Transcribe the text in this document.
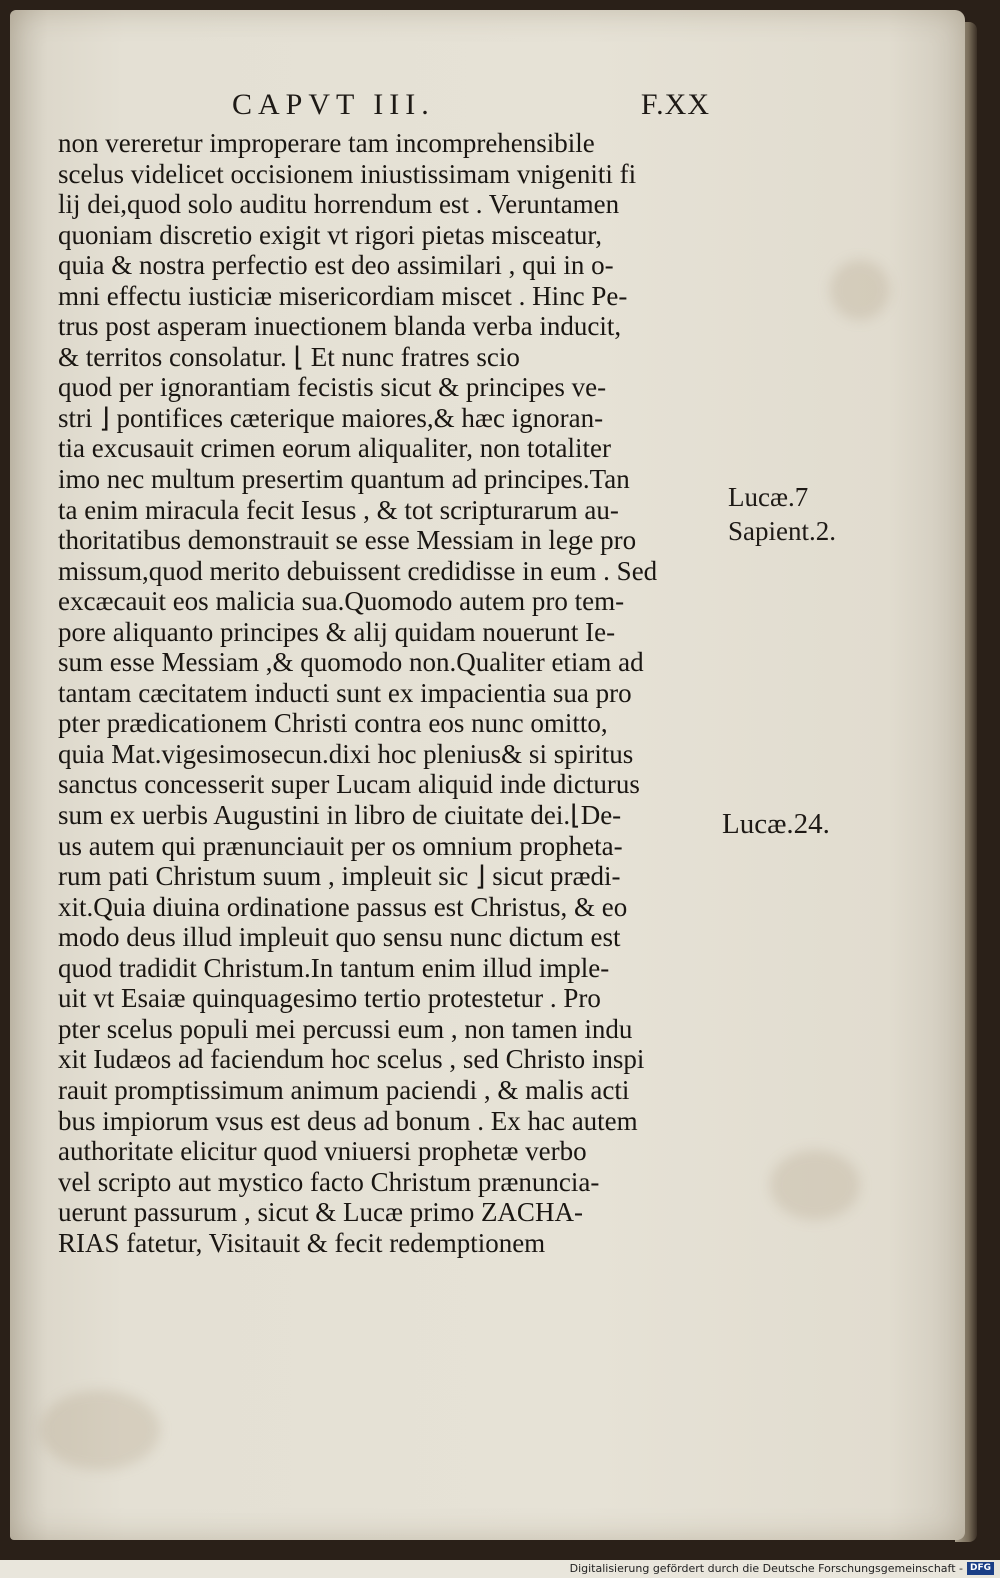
CAPVT III.	F.XX
non vereretur improperare tam incomprehensibile
scelus videlicet occisionem iniustissimam vnigeniti fi
lij dei,quod solo auditu horrendum est . Veruntamen
quoniam discretio exigit vt rigori pietas misceatur,
quia & nostra perfectio est deo assimilari , qui in o-
mni effectu iusticiæ misericordiam miscet . Hinc Pe-
trus post asperam inuectionem blanda verba inducit,
& territos consolatur. ⌊ Et nunc fratres scio
quod per ignorantiam fecistis sicut & principes ve-
stri ⌋ pontifices cæterique maiores,& hæc ignoran-
tia excusauit crimen eorum aliqualiter, non totaliter
imo nec multum presertim quantum ad principes.Tan
ta enim miracula fecit Iesus , & tot scripturarum au-
thoritatibus demonstrauit se esse Messiam in lege pro
missum,quod merito debuissent credidisse in eum . Sed
excæcauit eos malicia sua.Quomodo autem pro tem-
pore aliquanto principes & alij quidam nouerunt Ie-
sum esse Messiam ,& quomodo non.Qualiter etiam ad
tantam cæcitatem inducti sunt ex impacientia sua pro
pter prædicationem Christi contra eos nunc omitto,
quia Mat.vigesimosecun.dixi hoc plenius& si spiritus
sanctus concesserit super Lucam aliquid inde dicturus
sum ex uerbis Augustini in libro de ciuitate dei.⌊De-
us autem qui prænunciauit per os omnium propheta-
rum pati Christum suum , impleuit sic ⌋ sicut prædi-
xit.Quia diuina ordinatione passus est Christus, & eo
modo deus illud impleuit quo sensu nunc dictum est
quod tradidit Christum.In tantum enim illud imple-
uit vt Esaiæ quinquagesimo tertio protestetur . Pro
pter scelus populi mei percussi eum , non tamen indu
xit Iudæos ad faciendum hoc scelus , sed Christo inspi
rauit promptissimum animum paciendi , & malis acti
bus impiorum vsus est deus ad bonum . Ex hac autem
authoritate elicitur quod vniuersi prophetæ verbo
vel scripto aut mystico facto Christum prænuncia-
uerunt passurum , sicut & Lucæ primo ZACHA-
RIAS fatetur, Visitauit & fecit redemptionem
Lucæ.7
Sapient.2.
Lucæ.24.
Digitalisierung gefördert durch die Deutsche Forschungsgemeinschaft - DFG
